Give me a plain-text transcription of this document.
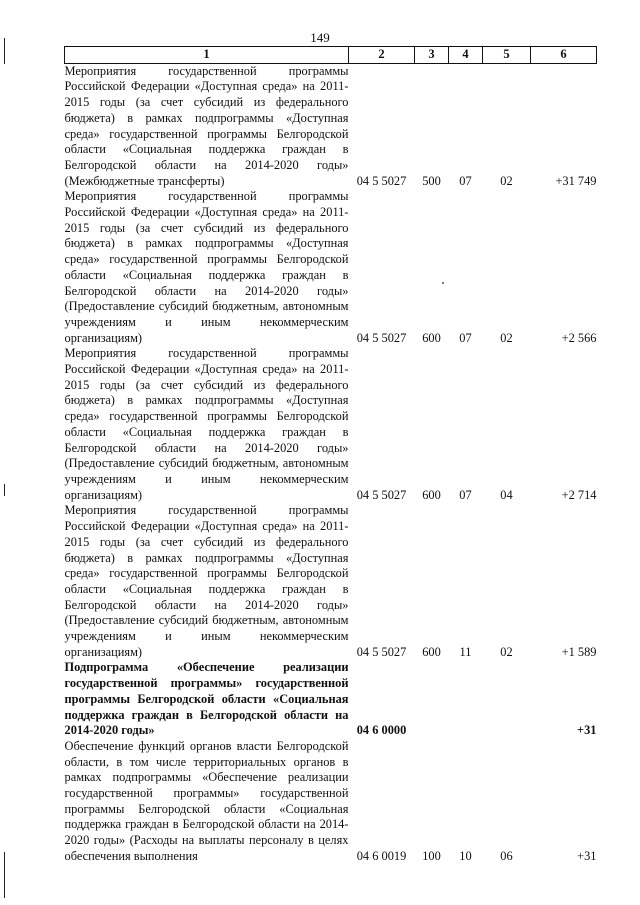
149
1	2	3	4	5	6
Мероприятия государственной программы Российской Федерации «Доступная среда» на 2011-2015 годы (за счет субсидий из федерального бюджета) в рамках подпрограммы «Доступная среда» государственной программы Белгородской области «Социальная поддержка граждан в Белгородской области на 2014-2020 годы» (Межбюджетные трансферты)	04 5 5027	500	07	02	+31 749
Мероприятия государственной программы Российской Федерации «Доступная среда» на 2011-2015 годы (за счет субсидий из федерального бюджета) в рамках подпрограммы «Доступная среда» государственной программы Белгородской области «Социальная поддержка граждан в Белгородской области на 2014-2020 годы» (Предоставление субсидий бюджетным, автономным учреждениям и иным некоммерческим организациям)	04 5 5027	600	07	02	+2 566
Мероприятия государственной программы Российской Федерации «Доступная среда» на 2011-2015 годы (за счет субсидий из федерального бюджета) в рамках подпрограммы «Доступная среда» государственной программы Белгородской области «Социальная поддержка граждан в Белгородской области на 2014-2020 годы» (Предоставление субсидий бюджетным, автономным учреждениям и иным некоммерческим организациям)	04 5 5027	600	07	04	+2 714
Мероприятия государственной программы Российской Федерации «Доступная среда» на 2011-2015 годы (за счет субсидий из федерального бюджета) в рамках подпрограммы «Доступная среда» государственной программы Белгородской области «Социальная поддержка граждан в Белгородской области на 2014-2020 годы» (Предоставление субсидий бюджетным, автономным учреждениям и иным некоммерческим организациям)	04 5 5027	600	11	02	+1 589
Подпрограмма «Обеспечение реализации государственной программы» государственной программы Белгородской области «Социальная поддержка граждан в Белгородской области на 2014-2020 годы»	04 6 0000				+31
Обеспечение функций органов власти Белгородской области, в том числе территориальных органов в рамках подпрограммы «Обеспечение реализации государственной программы» государственной программы Белгородской области «Социальная поддержка граждан в Белгородской области на 2014-2020 годы» (Расходы на выплаты персоналу в целях обеспечения выполнения	04 6 0019	100	10	06	+31
